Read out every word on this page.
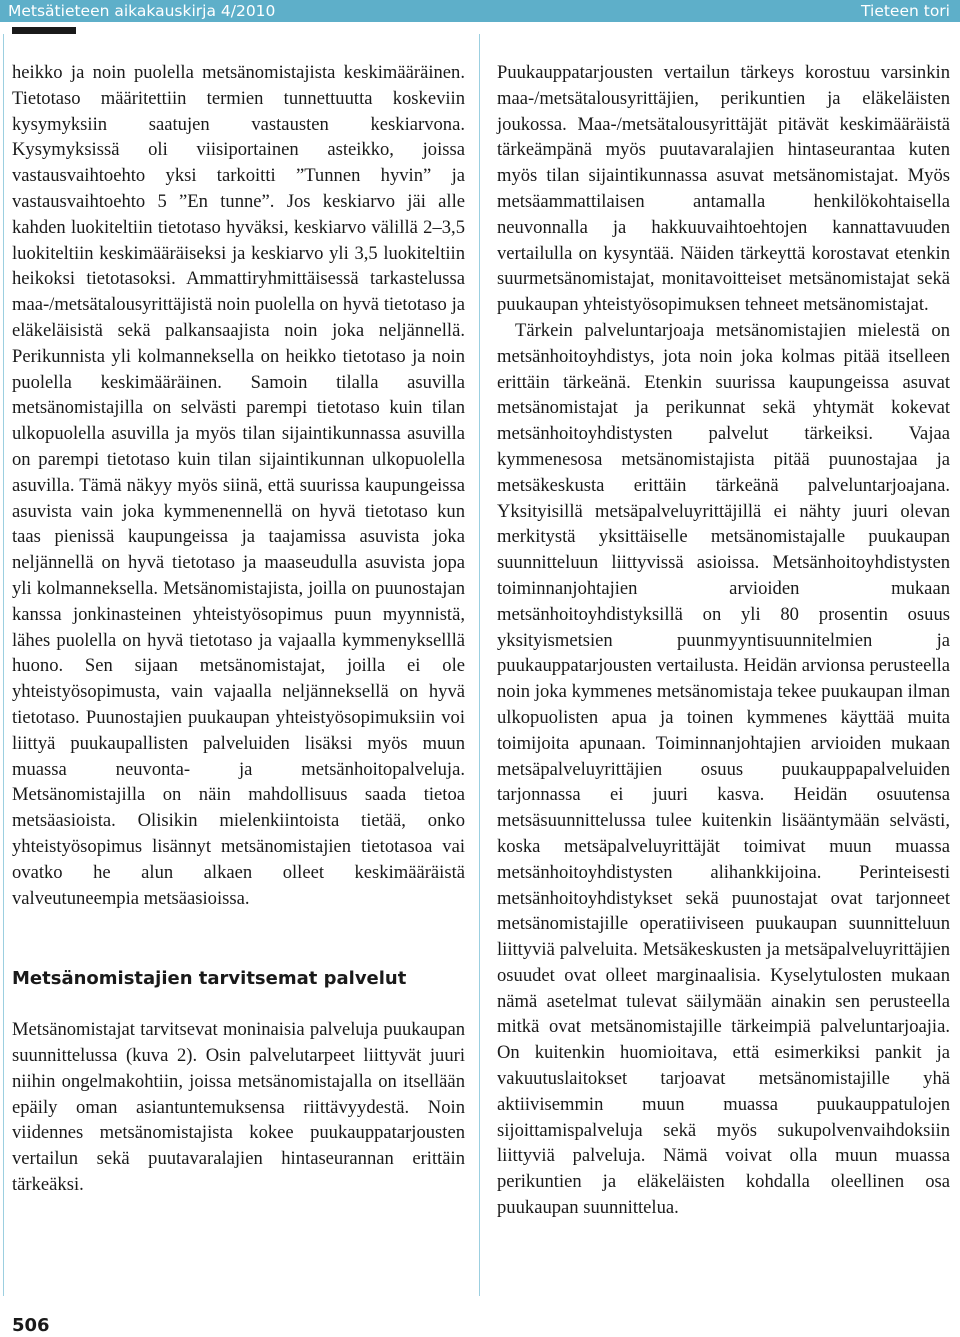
Metsätieteen aikakauskirja 4/2010	Tieteen tori

heikko ja noin puolella metsänomistajista keskimääräinen. Tietotaso määritettiin termien tunnettuutta koskeviin kysymyksiin saatujen vastausten keskiarvona. Kysymyksissä oli viisiportainen asteikko, joissa vastausvaihtoehto yksi tarkoitti ”Tunnen hyvin” ja vastausvaihtoehto 5 ”En tunne”. Jos keskiarvo jäi alle kahden luokiteltiin tietotaso hyväksi, keskiarvo välillä 2–3,5 luokiteltiin keskimääräiseksi ja keskiarvo yli 3,5 luokiteltiin heikoksi tietotasoksi. Ammattiryhmittäisessä tarkastelussa maa-/metsätalousyrittäjistä noin puolella on hyvä tietotaso ja eläkeläisistä sekä palkansaajista noin joka neljännellä. Perikunnista yli kolmanneksella on heikko tietotaso ja noin puolella keskimääräinen. Samoin tilalla asuvilla metsänomistajilla on selvästi parempi tietotaso kuin tilan ulkopuolella asuvilla ja myös tilan sijaintikunnassa asuvilla on parempi tietotaso kuin tilan sijaintikunnan ulkopuolella asuvilla. Tämä näkyy myös siinä, että suurissa kaupungeissa asuvista vain joka kymmenennellä on hyvä tietotaso kun taas pienissä kaupungeissa ja taajamissa asuvista joka neljännellä on hyvä tietotaso ja maaseudulla asuvista jopa yli kolmanneksella. Metsänomistajista, joilla on puunostajan kanssa jonkinasteinen yhteistyösopimus puun myynnistä, lähes puolella on hyvä tietotaso ja vajaalla kymmenykselllä huono. Sen sijaan metsänomistajat, joilla ei ole yhteistyösopimusta, vain vajaalla neljänneksellä on hyvä tietotaso. Puunostajien puukaupan yhteistyösopimuksiin voi liittyä puukaupallisten palveluiden lisäksi myös muun muassa neuvonta- ja metsänhoitopalveluja. Metsänomistajilla on näin mahdollisuus saada tietoa metsäasioista. Olisikin mielenkiintoista tietää, onko yhteistyösopimus lisännyt metsänomistajien tietotasoa vai ovatko he alun alkaen olleet keskimääräistä valveutuneempia metsäasioissa.

Metsänomistajien tarvitsemat palvelut

Metsänomistajat tarvitsevat moninaisia palveluja puukaupan suunnittelussa (kuva 2). Osin palvelutarpeet liittyvät juuri niihin ongelmakohtiin, joissa metsänomistajalla on itsellään epäily oman asiantuntemuksensa riittävyydestä. Noin viidennes metsänomistajista kokee puukauppatarjousten vertailun sekä puutavaralajien hintaseurannan erittäin tärkeäksi.

Puukauppatarjousten vertailun tärkeys korostuu varsinkin maa-/metsätalousyrittäjien, perikuntien ja eläkeläisten joukossa. Maa-/metsätalousyrittäjät pitävät keskimääräistä tärkeämpänä myös puutavaralajien hintaseurantaa kuten myös tilan sijaintikunnassa asuvat metsänomistajat. Myös metsäammattilaisen antamalla henkilökohtaisella neuvonnalla ja hakkuuvaihtoehtojen kannattavuuden vertailulla on kysyntää. Näiden tärkeyttä korostavat etenkin suurmetsänomistajat, monitavoitteiset metsänomistajat sekä puukaupan yhteistyösopimuksen tehneet metsänomistajat.

Tärkein palveluntarjoaja metsänomistajien mielestä on metsänhoitoyhdistys, jota noin joka kolmas pitää itselleen erittäin tärkeänä. Etenkin suurissa kaupungeissa asuvat metsänomistajat ja perikunnat sekä yhtymät kokevat metsänhoitoyhdistysten palvelut tärkeiksi. Vajaa kymmenesosa metsänomistajista pitää puunostajaa ja metsäkeskusta erittäin tärkeänä palveluntarjoajana. Yksityisillä metsäpalveluyrittäjillä ei nähty juuri olevan merkitystä yksittäiselle metsänomistajalle puukaupan suunnitteluun liittyvissä asioissa. Metsänhoitoyhdistysten toiminnanjohtajien arvioiden mukaan metsänhoitoyhdistyksillä on yli 80 prosentin osuus yksityismetsien puunmyyntisuunnitelmien ja puukauppatarjousten vertailusta. Heidän arvionsa perusteella noin joka kymmenes metsänomistaja tekee puukaupan ilman ulkopuolisten apua ja toinen kymmenes käyttää muita toimijoita apunaan. Toiminnanjohtajien arvioiden mukaan metsäpalveluyrittäjien osuus puukauppapalveluiden tarjonnassa ei juuri kasva. Heidän osuutensa metsäsuunnittelussa tulee kuitenkin lisääntymään selvästi, koska metsäpalveluyrittäjät toimivat muun muassa metsänhoitoyhdistysten alihankkijoina. Perinteisesti metsänhoitoyhdistykset sekä puunostajat ovat tarjonneet metsänomistajille operatiiviseen puukaupan suunnitteluun liittyviä palveluita. Metsäkeskusten ja metsäpalveluyrittäjien osuudet ovat olleet marginaalisia. Kyselytulosten mukaan nämä asetelmat tulevat säilymään ainakin sen perusteella mitkä ovat metsänomistajille tärkeimpiä palveluntarjoajia. On kuitenkin huomioitava, että esimerkiksi pankit ja vakuutuslaitokset tarjoavat metsänomistajille yhä aktiivisemmin muun muassa puukauppatulojen sijoittamispalveluja sekä myös sukupolvenvaihdoksiin liittyviä palveluja. Nämä voivat olla muun muassa perikuntien ja eläkeläisten kohdalla oleellinen osa puukaupan suunnittelua.

506
